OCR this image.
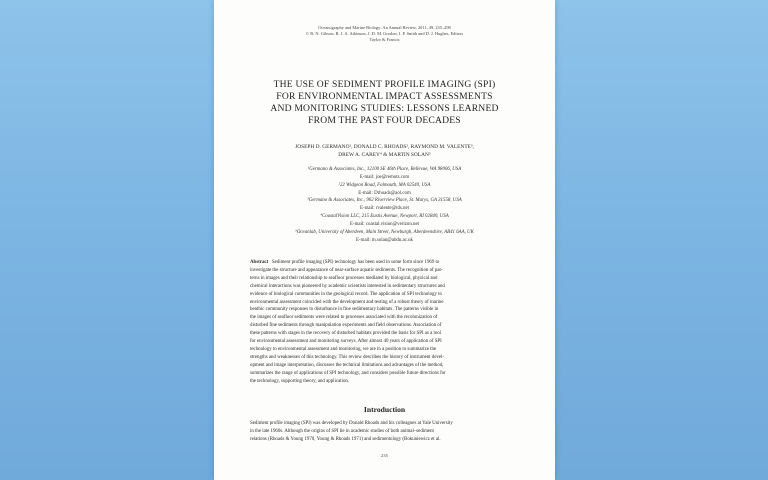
Oceanography and Marine Biology: An Annual Review, 2011, 49, 235–298
© R. N. Gibson, R. J. A. Atkinson, J. D. M. Gordon, I. P. Smith and D. J. Hughes, Editors
Taylor & Francis
THE USE OF SEDIMENT PROFILE IMAGING (SPI)
FOR ENVIRONMENTAL IMPACT ASSESSMENTS
AND MONITORING STUDIES: LESSONS LEARNED
FROM THE PAST FOUR DECADES
JOSEPH D. GERMANO¹, DONALD C. RHOADS², RAYMOND M. VALENTE³,
DREW A. CAREY⁴ & MARTIN SOLAN⁵
¹Germano & Associates, Inc., 12100 SE 46th Place, Bellevue, WA 98006, USA
E-mail: joe@remots.com
²22 Widgeon Road, Falmouth, MA 02540, USA
E-mail: Drhoads@aol.com
³Germano & Associates, Inc., 902 Riverview Place, St. Marys, GA 31558, USA
E-mail: rvalente@tds.net
⁴CoastalVision LLC, 215 Eustis Avenue, Newport, RI 02840, USA
E-mail: coastal.vision@verizon.net
⁵Oceanlab, University of Aberdeen, Main Street, Newburgh, Aberdeenshire, AB41 6AA, UK
E-mail: m.solan@abdn.ac.uk
Abstract Sediment profile imaging (SPI) technology has been used in some form since 1969 to
investigate the structure and appearance of near-surface aquatic sediments. The recognition of pat-
terns in images and their relationship to seafloor processes mediated by biological, physical and
chemical interactions was pioneered by academic scientists interested in sedimentary structures and
evidence of biological communities in the geological record. The application of SPI technology to
environmental assessment coincided with the development and testing of a robust theory of marine
benthic community responses to disturbance in fine sedimentary habitats. The patterns visible in
the images of seafloor sediments were related to processes associated with the recolonization of
disturbed fine sediments through manipulation experiments and field observations. Association of
these patterns with stages in the recovery of disturbed habitats provided the basis for SPI as a tool
for environmental assessment and monitoring surveys. After almost 40 years of application of SPI
technology to environmental assessment and monitoring, we are in a position to summarize the
strengths and weaknesses of this technology. This review describes the history of instrument devel-
opment and image interpretation, discusses the technical limitations and advantages of the method,
summarizes the range of applications of SPI technology, and considers possible future directions for
the technology, supporting theory, and application.
Introduction
Sediment profile imaging (SPI) was developed by Donald Rhoads and his colleagues at Yale University
in the late 1960s. Although the origins of SPI lie in academic studies of both animal–sediment
relations (Rhoads & Young 1970, Young & Rhoads 1971) and sedimentology (Bokuniewicz et al.
235
